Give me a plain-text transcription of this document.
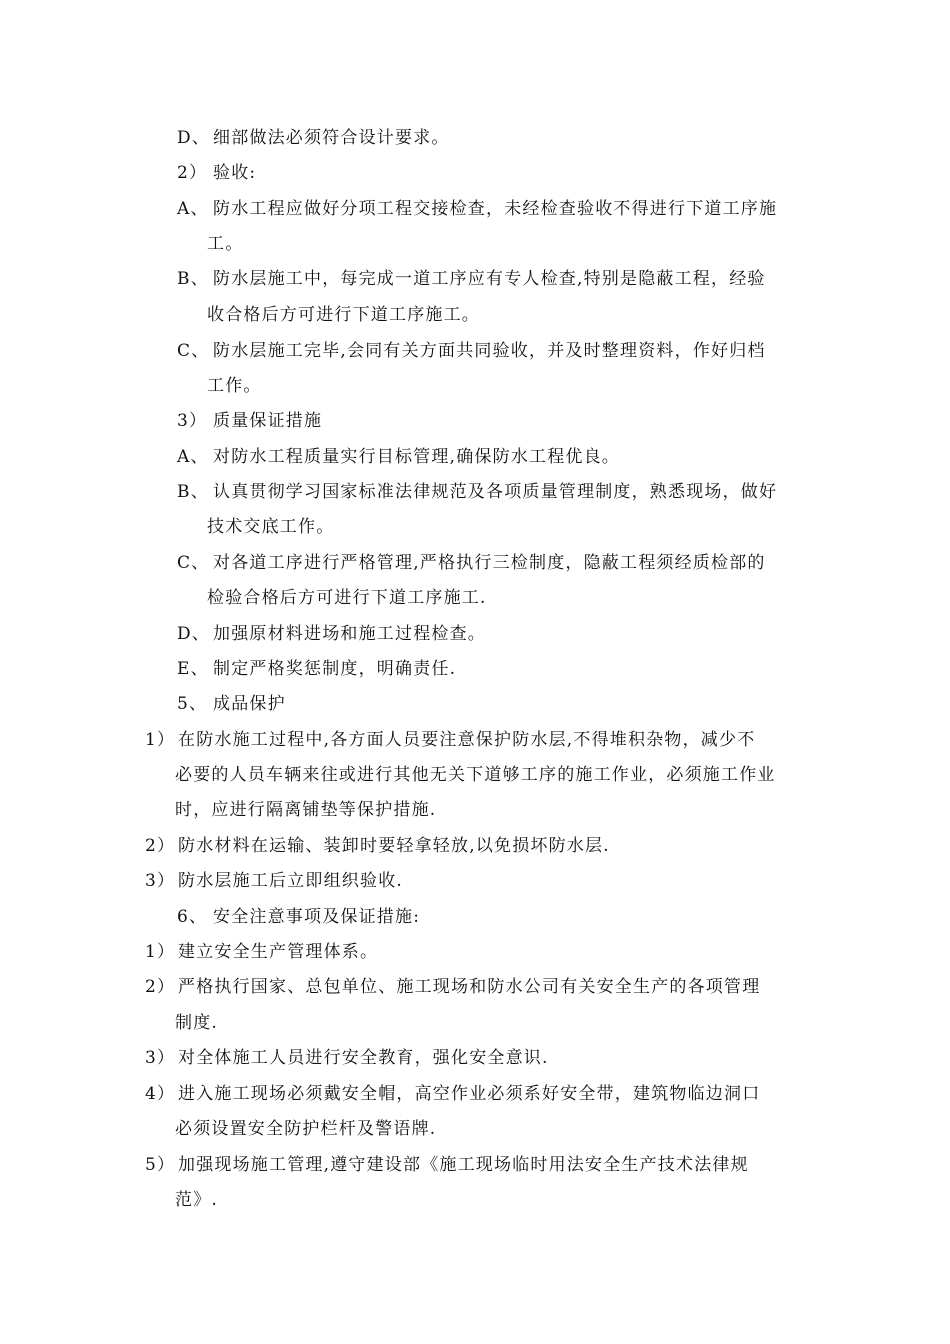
D、 细部做法必须符合设计要求。
2） 验收:
A、 防水工程应做好分项工程交接检查，未经检查验收不得进行下道工序施
工。
B、 防水层施工中，每完成一道工序应有专人检查,特别是隐蔽工程，经验
收合格后方可进行下道工序施工。
C、 防水层施工完毕,会同有关方面共同验收，并及时整理资料，作好归档
工作。
3） 质量保证措施
A、 对防水工程质量实行目标管理,确保防水工程优良。
B、 认真贯彻学习国家标准法律规范及各项质量管理制度，熟悉现场，做好
技术交底工作。
C、 对各道工序进行严格管理,严格执行三检制度，隐蔽工程须经质检部的
检验合格后方可进行下道工序施工.
D、 加强原材料进场和施工过程检查。
E、 制定严格奖惩制度，明确责任.
5、 成品保护
1） 在防水施工过程中,各方面人员要注意保护防水层,不得堆积杂物，减少不
必要的人员车辆来往或进行其他无关下道够工序的施工作业，必须施工作业
时，应进行隔离铺垫等保护措施.
2） 防水材料在运输、装卸时要轻拿轻放,以免损坏防水层.
3） 防水层施工后立即组织验收.
6、 安全注意事项及保证措施:
1） 建立安全生产管理体系。
2） 严格执行国家、总包单位、施工现场和防水公司有关安全生产的各项管理
制度.
3） 对全体施工人员进行安全教育，强化安全意识.
4） 进入施工现场必须戴安全帽，高空作业必须系好安全带，建筑物临边洞口
必须设置安全防护栏杆及警语牌.
5） 加强现场施工管理,遵守建设部《施工现场临时用法安全生产技术法律规
范》.
